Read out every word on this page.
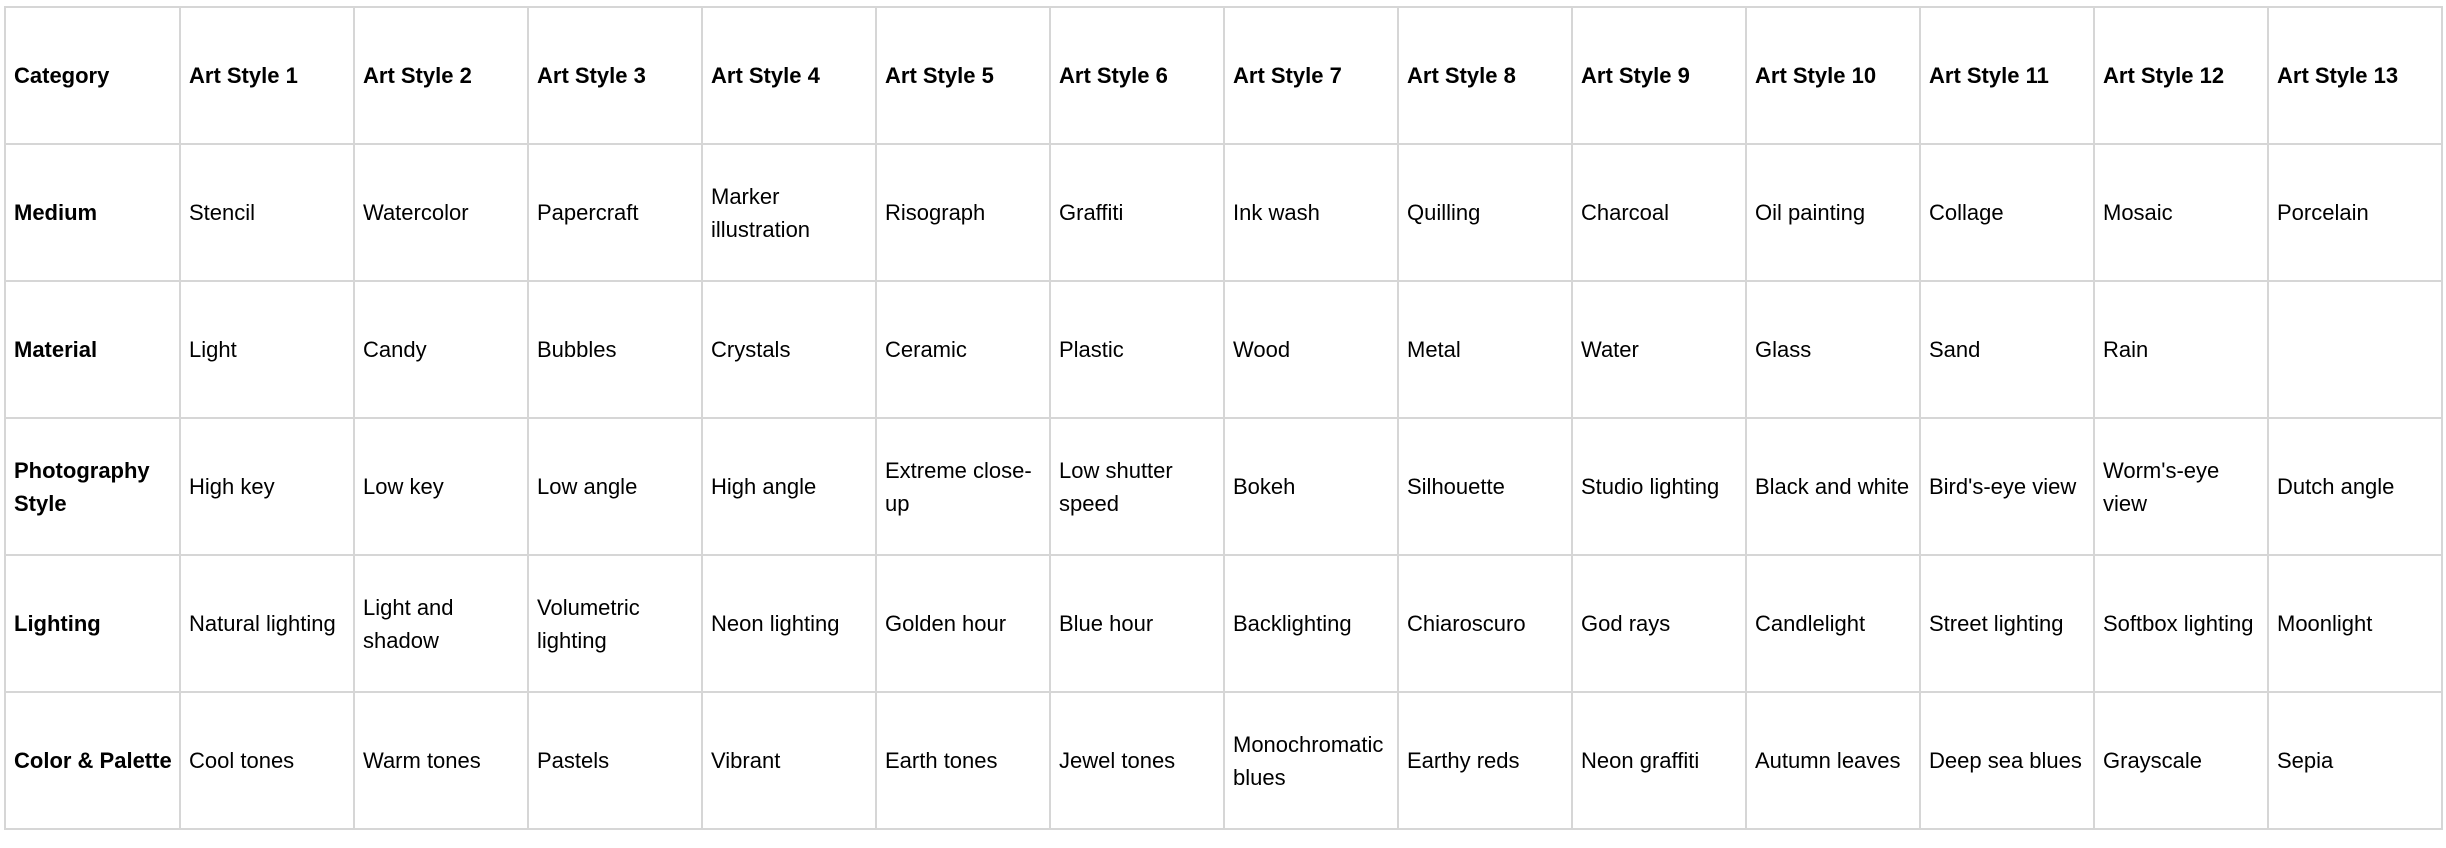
Category	Art Style 1	Art Style 2	Art Style 3	Art Style 4	Art Style 5	Art Style 6	Art Style 7	Art Style 8	Art Style 9	Art Style 10	Art Style 11	Art Style 12	Art Style 13
Medium	Stencil	Watercolor	Papercraft	Marker illustration	Risograph	Graffiti	Ink wash	Quilling	Charcoal	Oil painting	Collage	Mosaic	Porcelain
Material	Light	Candy	Bubbles	Crystals	Ceramic	Plastic	Wood	Metal	Water	Glass	Sand	Rain	
Photography Style	High key	Low key	Low angle	High angle	Extreme close-up	Low shutter speed	Bokeh	Silhouette	Studio lighting	Black and white	Bird's-eye view	Worm's-eye view	Dutch angle
Lighting	Natural lighting	Light and shadow	Volumetric lighting	Neon lighting	Golden hour	Blue hour	Backlighting	Chiaroscuro	God rays	Candlelight	Street lighting	Softbox lighting	Moonlight
Color & Palette	Cool tones	Warm tones	Pastels	Vibrant	Earth tones	Jewel tones	Monochromatic blues	Earthy reds	Neon graffiti	Autumn leaves	Deep sea blues	Grayscale	Sepia
